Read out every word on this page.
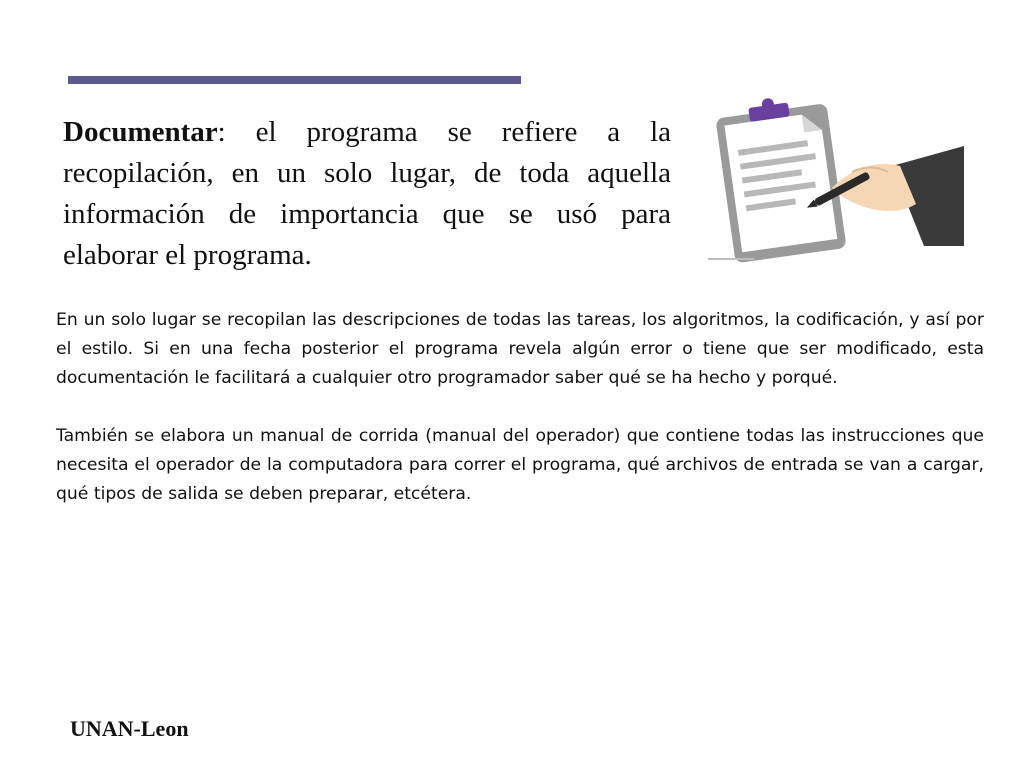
Documentar: el programa se refiere a la recopilación, en un solo lugar, de toda aquella información de importancia que se usó para elaborar el programa.

En un solo lugar se recopilan las descripciones de todas las tareas, los algoritmos, la codificación, y así por el estilo. Si en una fecha posterior el programa revela algún error o tiene que ser modificado, esta documentación le facilitará a cualquier otro programador saber qué se ha hecho y porqué.

También se elabora un manual de corrida (manual del operador) que contiene todas las instrucciones que necesita el operador de la computadora para correr el programa, qué archivos de entrada se van a cargar, qué tipos de salida se deben preparar, etcétera.

UNAN-Leon
